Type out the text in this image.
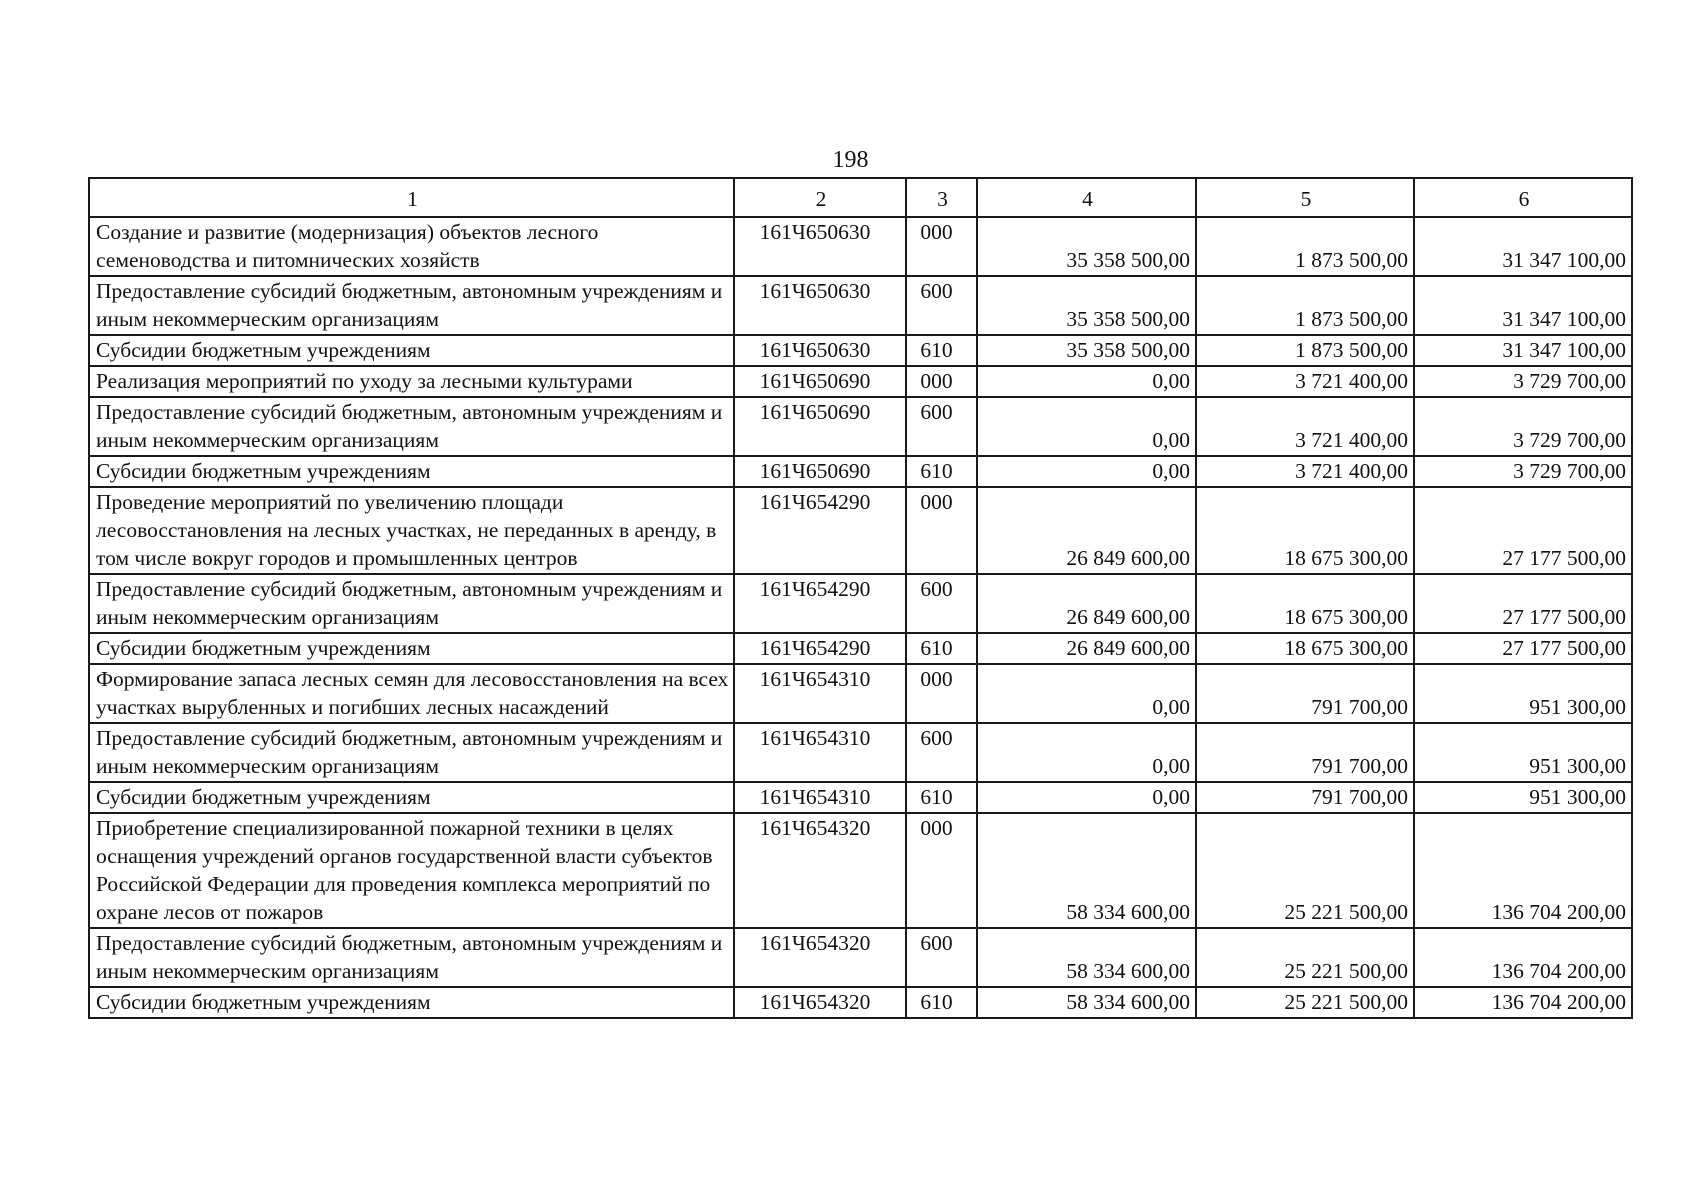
198
1	2	3	4	5	6
Создание и развитие (модернизация) объектов лесного семеноводства и питомнических хозяйств	161Ч650630	000	35 358 500,00	1 873 500,00	31 347 100,00
Предоставление субсидий бюджетным, автономным учреждениям и иным некоммерческим организациям	161Ч650630	600	35 358 500,00	1 873 500,00	31 347 100,00
Субсидии бюджетным учреждениям	161Ч650630	610	35 358 500,00	1 873 500,00	31 347 100,00
Реализация мероприятий по уходу за лесными культурами	161Ч650690	000	0,00	3 721 400,00	3 729 700,00
Предоставление субсидий бюджетным, автономным учреждениям и иным некоммерческим организациям	161Ч650690	600	0,00	3 721 400,00	3 729 700,00
Субсидии бюджетным учреждениям	161Ч650690	610	0,00	3 721 400,00	3 729 700,00
Проведение мероприятий по увеличению площади лесовосстановления на лесных участках, не переданных в аренду, в том числе вокруг городов и промышленных центров	161Ч654290	000	26 849 600,00	18 675 300,00	27 177 500,00
Предоставление субсидий бюджетным, автономным учреждениям и иным некоммерческим организациям	161Ч654290	600	26 849 600,00	18 675 300,00	27 177 500,00
Субсидии бюджетным учреждениям	161Ч654290	610	26 849 600,00	18 675 300,00	27 177 500,00
Формирование запаса лесных семян для лесовосстановления на всех участках вырубленных и погибших лесных насаждений	161Ч654310	000	0,00	791 700,00	951 300,00
Предоставление субсидий бюджетным, автономным учреждениям и иным некоммерческим организациям	161Ч654310	600	0,00	791 700,00	951 300,00
Субсидии бюджетным учреждениям	161Ч654310	610	0,00	791 700,00	951 300,00
Приобретение специализированной пожарной техники в целях оснащения учреждений органов государственной власти субъектов Российской Федерации для проведения комплекса мероприятий по охране лесов от пожаров	161Ч654320	000	58 334 600,00	25 221 500,00	136 704 200,00
Предоставление субсидий бюджетным, автономным учреждениям и иным некоммерческим организациям	161Ч654320	600	58 334 600,00	25 221 500,00	136 704 200,00
Субсидии бюджетным учреждениям	161Ч654320	610	58 334 600,00	25 221 500,00	136 704 200,00
